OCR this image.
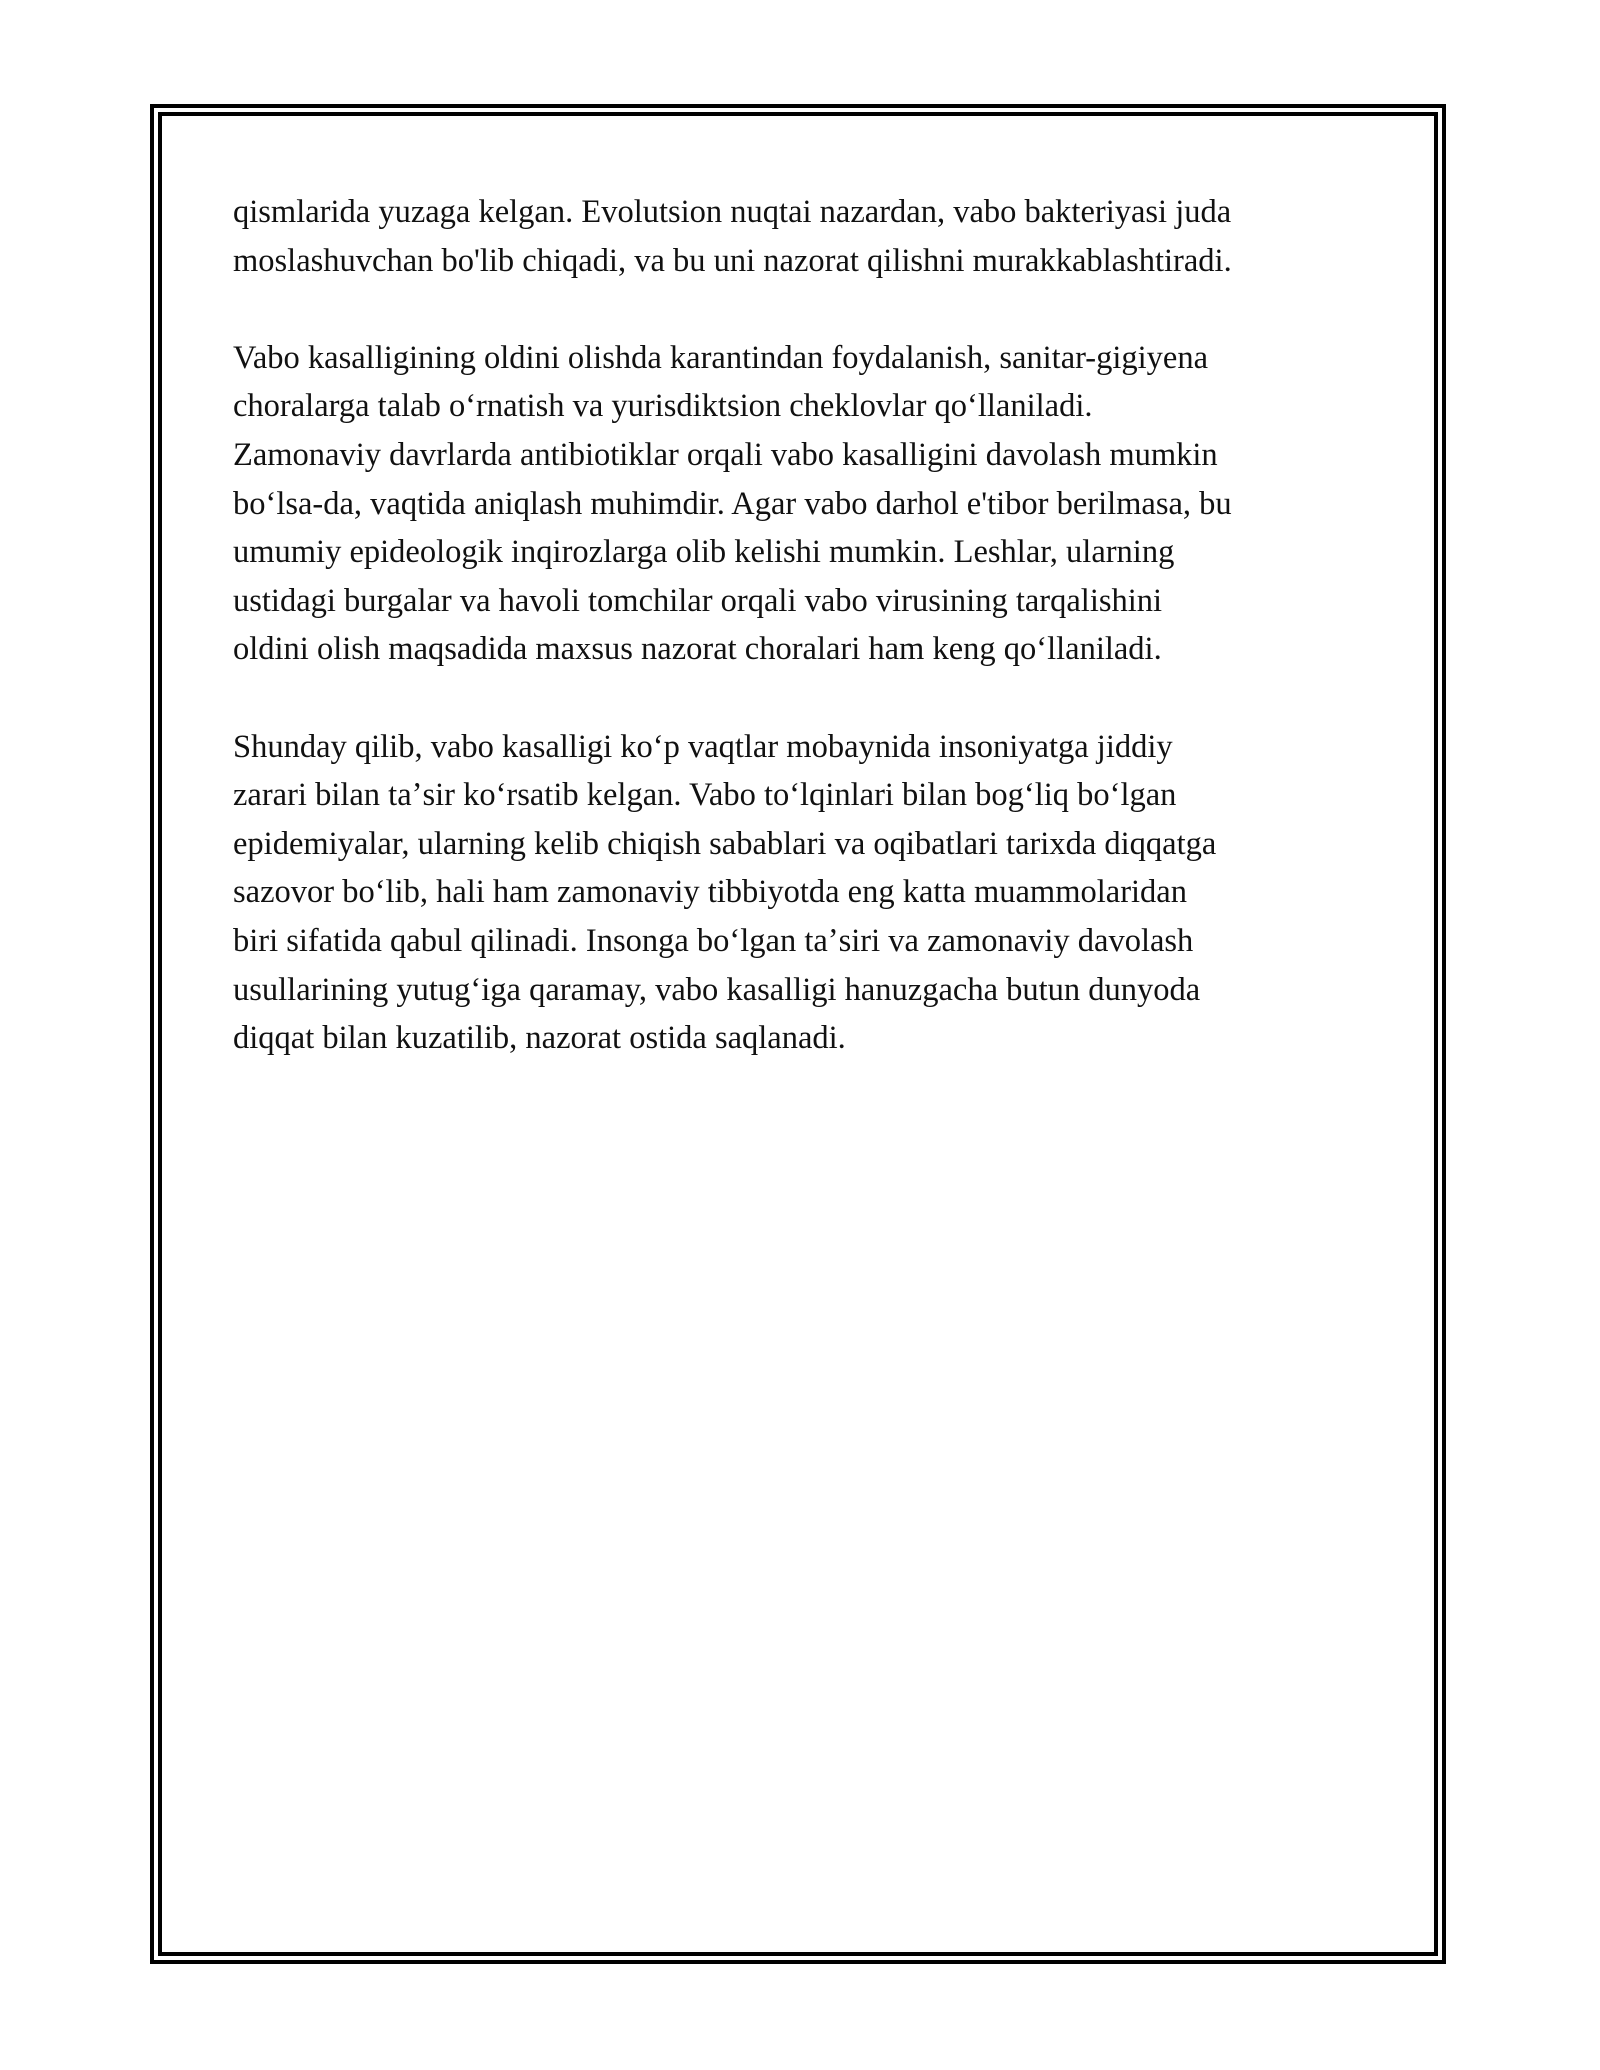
qismlarida yuzaga kelgan. Evolutsion nuqtai nazardan, vabo bakteriyasi juda
moslashuvchan bo'lib chiqadi, va bu uni nazorat qilishni murakkablashtiradi.

Vabo kasalligining oldini olishda karantindan foydalanish, sanitar-gigiyena
choralarga talab oʻrnatish va yurisdiktsion cheklovlar qoʻllaniladi.
Zamonaviy davrlarda antibiotiklar orqali vabo kasalligini davolash mumkin
boʻlsa-da, vaqtida aniqlash muhimdir. Agar vabo darhol e'tibor berilmasa, bu
umumiy epideologik inqirozlarga olib kelishi mumkin. Leshlar, ularning
ustidagi burgalar va havoli tomchilar orqali vabo virusining tarqalishini
oldini olish maqsadida maxsus nazorat choralari ham keng qoʻllaniladi.

Shunday qilib, vabo kasalligi koʻp vaqtlar mobaynida insoniyatga jiddiy
zarari bilan taʼsir koʻrsatib kelgan. Vabo toʻlqinlari bilan bogʻliq boʻlgan
epidemiyalar, ularning kelib chiqish sabablari va oqibatlari tarixda diqqatga
sazovor boʻlib, hali ham zamonaviy tibbiyotda eng katta muammolaridan
biri sifatida qabul qilinadi. Insonga boʻlgan taʼsiri va zamonaviy davolash
usullarining yutugʻiga qaramay, vabo kasalligi hanuzgacha butun dunyoda
diqqat bilan kuzatilib, nazorat ostida saqlanadi.
